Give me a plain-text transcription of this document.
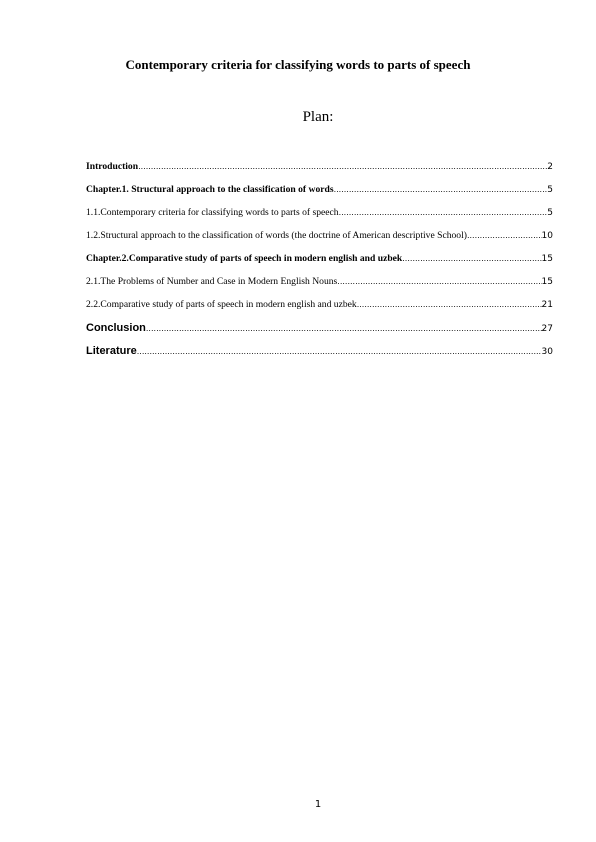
Contemporary criteria for classifying words to parts of speech
Plan:
Introduction .....	2
Chapter.1. Structural approach to the classification of words .....	5
1.1.Contemporary criteria for classifying words to parts of speech .....	5
1.2.Structural approach to the classification of words (the doctrine of American descriptive School) .....	10
Chapter.2.Comparative study of parts of speech in modern english and uzbek .....	15
2.1.The Problems of Number and Case in Modern English Nouns .....	15
2.2.Comparative study of parts of speech in modern english and uzbek .....	21
Conclusion .....	27
Literature .....	30
1
